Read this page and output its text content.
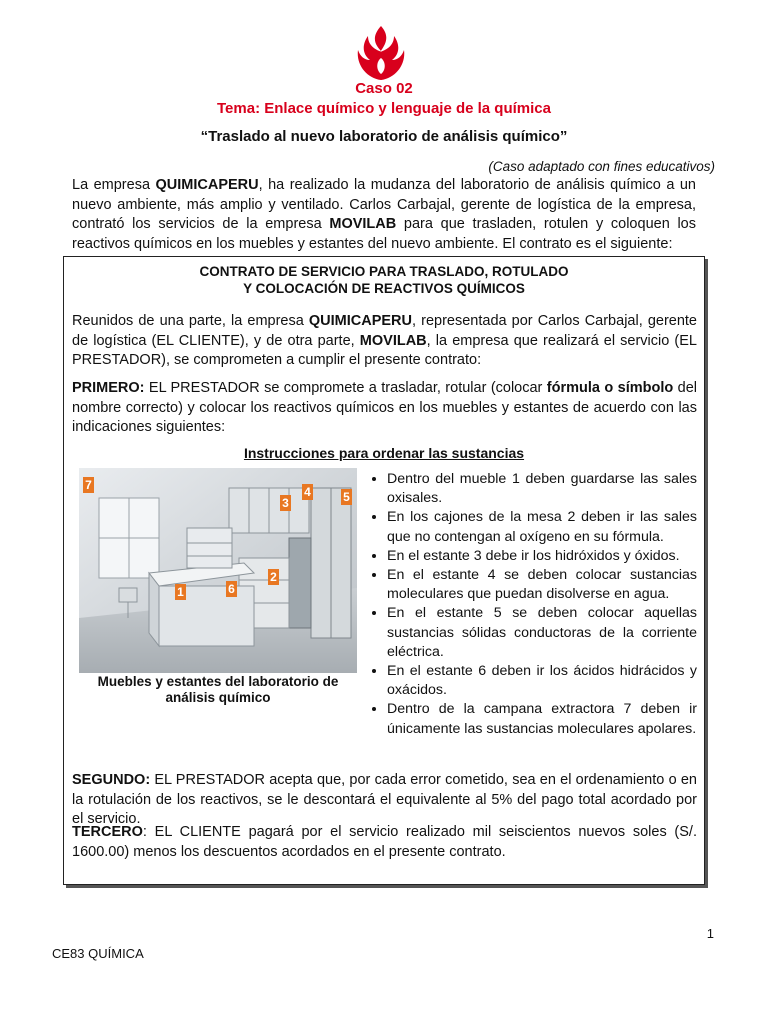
Caso 02
Tema: Enlace químico y lenguaje de la química
“Traslado al nuevo laboratorio de análisis químico”
(Caso adaptado con fines educativos)
La empresa QUIMICAPERU, ha realizado la mudanza del laboratorio de análisis químico a un nuevo ambiente, más amplio y ventilado. Carlos Carbajal, gerente de logística de la empresa, contrató los servicios de la empresa MOVILAB para que trasladen, rotulen y coloquen los reactivos químicos en los muebles y estantes del nuevo ambiente. El contrato es el siguiente:
CONTRATO DE SERVICIO PARA TRASLADO, ROTULADO
Y COLOCACIÓN DE REACTIVOS QUÍMICOS
Reunidos de una parte, la empresa QUIMICAPERU, representada por Carlos Carbajal, gerente de logística (EL CLIENTE), y de otra parte, MOVILAB, la empresa que realizará el servicio (EL PRESTADOR), se comprometen a cumplir el presente contrato:
PRIMERO: EL PRESTADOR se compromete a trasladar, rotular (colocar fórmula o símbolo del nombre correcto) y colocar los reactivos químicos en los muebles y estantes de acuerdo con las indicaciones siguientes:
Instrucciones para ordenar las sustancias
7
3
4	5
2
1	6
Muebles y estantes del laboratorio de análisis químico
• Dentro del mueble 1 deben guardarse las sales oxisales.
• En los cajones de la mesa 2 deben ir las sales que no contengan al oxígeno en su fórmula.
• En el estante 3 debe ir los hidróxidos y óxidos.
• En el estante 4 se deben colocar sustancias moleculares que puedan disolverse en agua.
• En el estante 5 se deben colocar aquellas sustancias sólidas conductoras de la corriente eléctrica.
• En el estante 6 deben ir los ácidos hidrácidos y oxácidos.
• Dentro de la campana extractora 7 deben ir únicamente las sustancias moleculares apolares.
SEGUNDO: EL PRESTADOR acepta que, por cada error cometido, sea en el ordenamiento o en la rotulación de los reactivos, se le descontará el equivalente al 5% del pago total acordado por el servicio.
TERCERO: EL CLIENTE pagará por el servicio realizado mil seiscientos nuevos soles (S/. 1600.00) menos los descuentos acordados en el presente contrato.
1
CE83 QUÍMICA
